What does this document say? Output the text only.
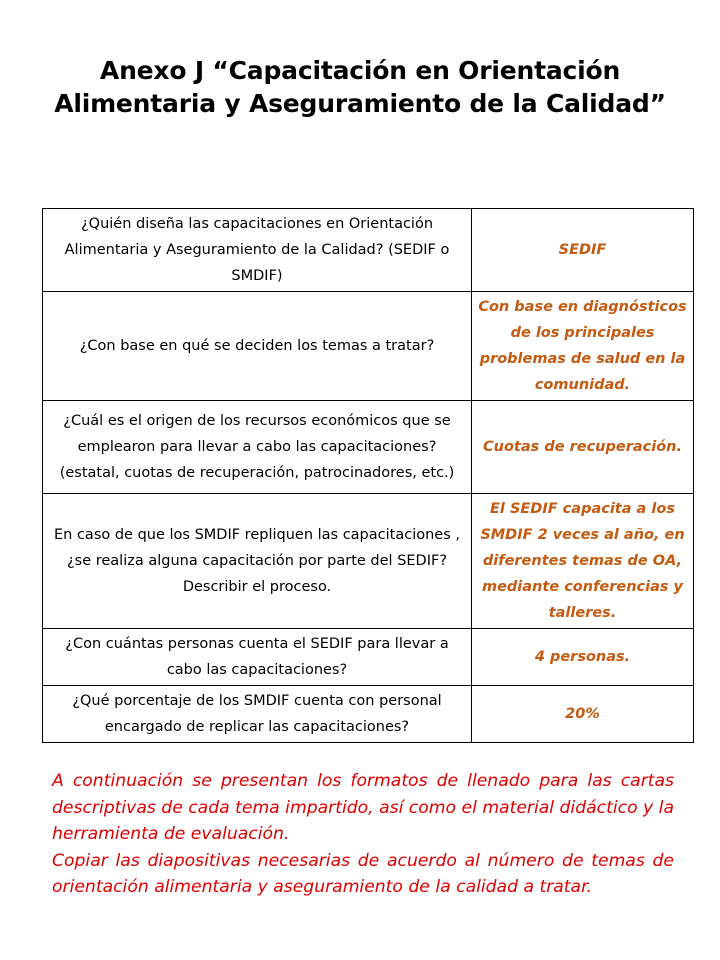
Anexo J “Capacitación en Orientación
Alimentaria y Aseguramiento de la Calidad”
¿Quién diseña las capacitaciones en Orientación Alimentaria y Aseguramiento de la Calidad? (SEDIF o SMDIF)	SEDIF
¿Con base en qué se deciden los temas a tratar?	Con base en diagnósticos de los principales problemas de salud en la comunidad.
¿Cuál es el origen de los recursos económicos que se emplearon para llevar a cabo las capacitaciones? (estatal, cuotas de recuperación, patrocinadores, etc.)	Cuotas de recuperación.
En caso de que los SMDIF repliquen las capacitaciones , ¿se realiza alguna capacitación por parte del SEDIF? Describir el proceso.	El SEDIF capacita a los SMDIF 2 veces al año, en diferentes temas de OA, mediante conferencias y talleres.
¿Con cuántas personas cuenta el SEDIF para llevar a cabo las capacitaciones?	4 personas.
¿Qué porcentaje de los SMDIF cuenta con personal encargado de replicar las capacitaciones?	20%

A continuación se presentan los formatos de llenado para las cartas descriptivas de cada tema impartido, así como el material didáctico y la herramienta de evaluación.

Copiar las diapositivas necesarias de acuerdo al número de temas de orientación alimentaria y aseguramiento de la calidad a tratar.
